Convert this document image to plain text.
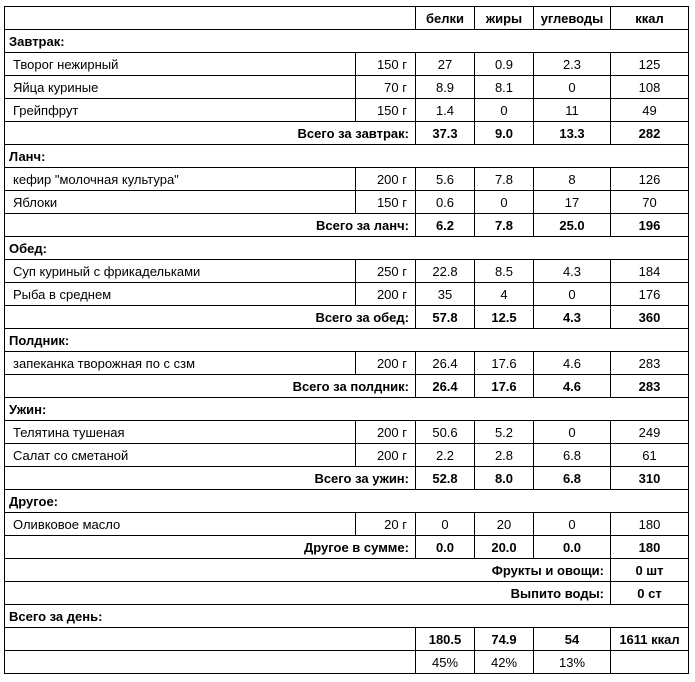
		белки	жиры	углеводы	ккал
Завтрак:					
Творог нежирный	150 г	27	0.9	2.3	125
Яйца куриные	70 г	8.9	8.1	0	108
Грейпфрут	150 г	1.4	0	11	49
Всего за завтрак:		37.3	9.0	13.3	282
Ланч:					
кефир "молочная культура"	200 г	5.6	7.8	8	126
Яблоки	150 г	0.6	0	17	70
Всего за ланч:		6.2	7.8	25.0	196
Обед:					
Суп куриный с фрикадельками	250 г	22.8	8.5	4.3	184
Рыба в среднем	200 г	35	4	0	176
Всего за обед:		57.8	12.5	4.3	360
Полдник:					
запеканка творожная по с сзм	200 г	26.4	17.6	4.6	283
Всего за полдник:		26.4	17.6	4.6	283
Ужин:					
Телятина тушеная	200 г	50.6	5.2	0	249
Салат со сметаной	200 г	2.2	2.8	6.8	61
Всего за ужин:		52.8	8.0	6.8	310
Другое:					
Оливковое масло	20 г	0	20	0	180
Другое в сумме:		0.0	20.0	0.0	180
Фрукты и овощи:					0 шт
Выпито воды:					0 ст
Всего за день:					
		180.5	74.9	54	1611 ккал
		45%	42%	13%	
